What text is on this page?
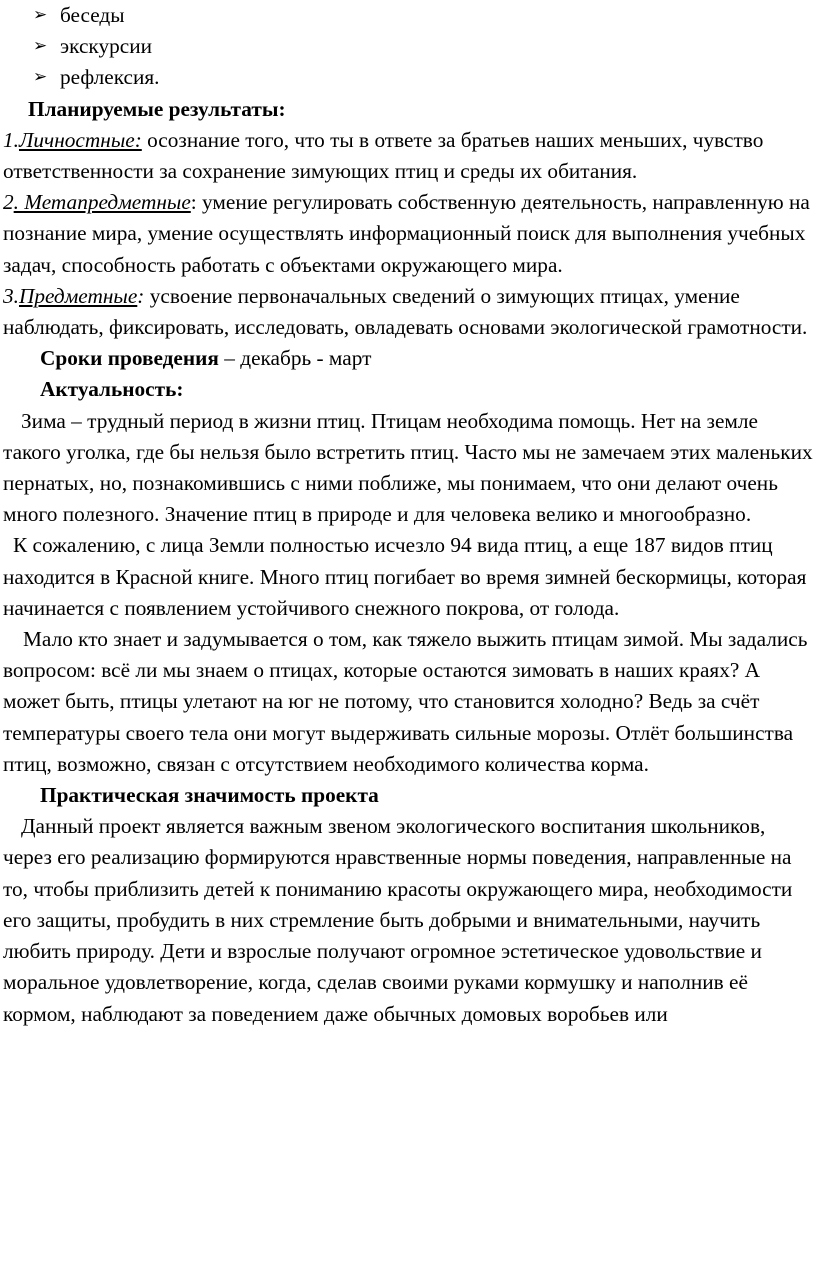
➢ беседы
➢ экскурсии
➢ рефлексия.

Планируемые результаты:

1.Личностные: осознание того, что ты в ответе за братьев наших меньших, чувство ответственности за сохранение зимующих птиц и среды их обитания.

2. Метапредметные: умение регулировать собственную деятельность, направленную на познание мира, умение осуществлять информационный поиск для выполнения учебных задач, способность работать с объектами окружающего мира.

3.Предметные: усвоение первоначальных сведений о зимующих птицах, умение наблюдать, фиксировать, исследовать, овладевать основами экологической грамотности.

Сроки проведения – декабрь - март

Актуальность:

Зима – трудный период в жизни птиц. Птицам необходима помощь. Нет на земле такого уголка, где бы нельзя было встретить птиц. Часто мы не замечаем этих маленьких пернатых, но, познакомившись с ними поближе, мы понимаем, что они делают очень много полезного. Значение птиц в природе и для человека велико и многообразно.

К сожалению, с лица Земли полностью исчезло 94 вида птиц, а еще 187 видов птиц находится в Красной книге. Много птиц погибает во время зимней бескормицы, которая начинается с появлением устойчивого снежного покрова, от голода.

Мало кто знает и задумывается о том, как тяжело выжить птицам зимой. Мы задались вопросом: всё ли мы знаем о птицах, которые остаются зимовать в наших краях? А может быть, птицы улетают на юг не потому, что становится холодно? Ведь за счёт температуры своего тела они могут выдерживать сильные морозы. Отлёт большинства птиц, возможно, связан с отсутствием необходимого количества корма.

Практическая значимость проекта

Данный проект является важным звеном экологического воспитания школьников, через его реализацию формируются нравственные нормы поведения, направленные на то, чтобы приблизить детей к пониманию красоты окружающего мира, необходимости его защиты, пробудить в них стремление быть добрыми и внимательными, научить любить природу. Дети и взрослые получают огромное эстетическое удовольствие и моральное удовлетворение, когда, сделав своими руками кормушку и наполнив её кормом, наблюдают за поведением даже обычных домовых воробьев или
